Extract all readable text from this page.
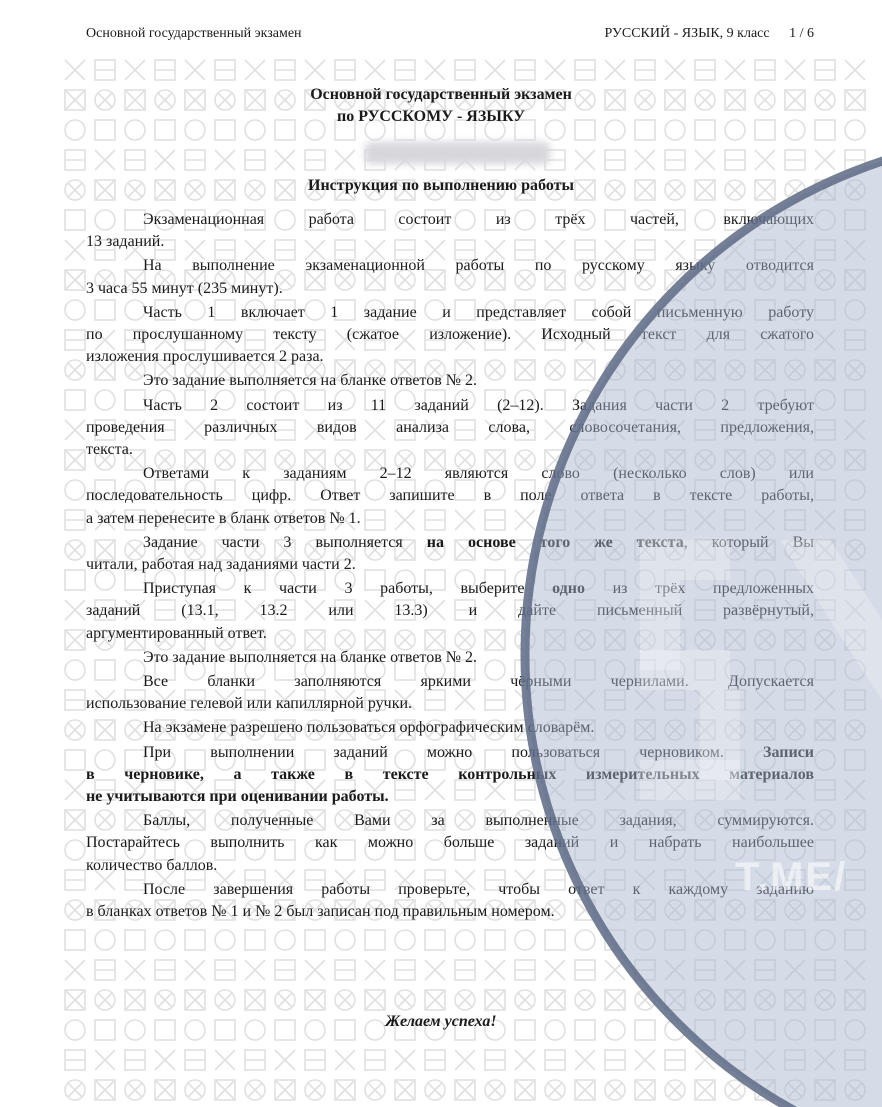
Основной государственный экзамен	РУССКИЙ - ЯЗЫК, 9 класс 1 / 6
Основной государственный экзамен
по РУССКОМУ - ЯЗЫКУ
Инструкция по выполнению работы

Экзаменационная работа состоит из трёх частей, включающих
13 заданий.

На выполнение экзаменационной работы по русскому языку отводится
3 часа 55 минут (235 минут).

Часть 1 включает 1 задание и представляет собой письменную работу
по прослушанному тексту (сжатое изложение). Исходный текст для сжатого
изложения прослушивается 2 раза.

Это задание выполняется на бланке ответов № 2.

Часть 2 состоит из 11 заданий (2–12). Задания части 2 требуют
проведения различных видов анализа слова, словосочетания, предложения,
текста.

Ответами к заданиям 2–12 являются слово (несколько слов) или
последовательность цифр. Ответ запишите в поле ответа в тексте работы,
а затем перенесите в бланк ответов № 1.

Задание части 3 выполняется на основе того же текста, который Вы
читали, работая над заданиями части 2.

Приступая к части 3 работы, выберите одно из трёх предложенных
заданий (13.1, 13.2 или 13.3) и дайте письменный развёрнутый,
аргументированный ответ.

Это задание выполняется на бланке ответов № 2.

Все бланки заполняются яркими чёрными чернилами. Допускается
использование гелевой или капиллярной ручки.

На экзамене разрешено пользоваться орфографическим словарём.

При выполнении заданий можно пользоваться черновиком. Записи
в черновике, а также в тексте контрольных измерительных материалов
не учитываются при оценивании работы.

Баллы, полученные Вами за выполненные задания, суммируются.
Постарайтесь выполнить как можно больше заданий и набрать наибольшее
количество баллов.

После завершения работы проверьте, чтобы ответ к каждому заданию
в бланках ответов № 1 и № 2 был записан под правильным номером.

Желаем успеха!
T.ME/
